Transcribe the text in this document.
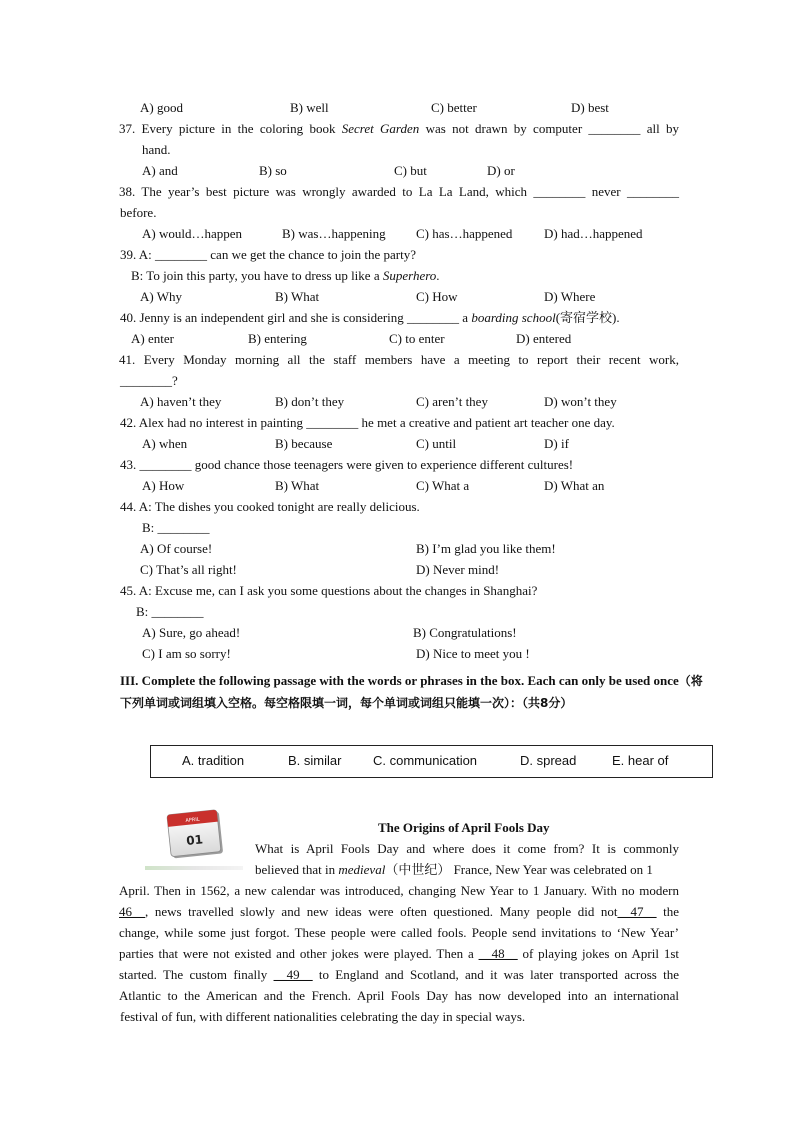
A) good	B) well	C) better	D) best
37. Every picture in the coloring book Secret Garden was not drawn by computer ________ all by
hand.
A) and	B) so	C) but	D) or
38. The year’s best picture was wrongly awarded to La La Land, which ________ never ________
before.
A) would…happen	B) was…happening C) has…happened D) had…happened
39. A: ________ can we get the chance to join the party?
B: To join this party, you have to dress up like a Superhero.
A) Why	B) What	C) How	D) Where
40. Jenny is an independent girl and she is considering ________ a boarding school(寄宿学校).
A) enter	B) entering	C) to enter	D) entered
41. Every Monday morning all the staff members have a meeting to report their recent work,
________?
A) haven’t they	B) don’t they	C) aren’t they	D) won’t they
42. Alex had no interest in painting ________ he met a creative and patient art teacher one day.
A) when	B) because	C) until	D) if
43. ________ good chance those teenagers were given to experience different cultures!
A) How	B) What	C) What a	D) What an
44. A: The dishes you cooked tonight are really delicious.
B: ________
A) Of course!	B) I’m glad you like them!
C) That’s all right!	D) Never mind!
45. A: Excuse me, can I ask you some questions about the changes in Shanghai?
B: ________
A) Sure, go ahead!	B) Congratulations!
C) I am so sorry!	D) Nice to meet you !
III. Complete the following passage with the words or phrases in the box. Each can only be used once（将下列单词或词组填入空格。每空格限填一词，每个单词或词组只能填一次）：（共8分）
A. tradition	B. similar C. communication	D. spread	E. hear of
APRIL
01
The Origins of April Fools Day
What is April Fools Day and where does it come from? It is commonly
believed that in medieval（中世纪） France, New Year was celebrated on 1
April. Then in 1562, a new calendar was introduced, changing New Year to 1 January. With no modern
46__, news travelled slowly and new ideas were often questioned. Many people did not__47__ the
change, while some just forgot. These people were called fools. People send invitations to ‘New Year’
parties that were not existed and other jokes were played. Then a __48__ of playing jokes on April 1st
started. The custom finally __49__ to England and Scotland, and it was later transported across the
Atlantic to the American and the French. April Fools Day has now developed into an international
festival of fun, with different nationalities celebrating the day in special ways.
